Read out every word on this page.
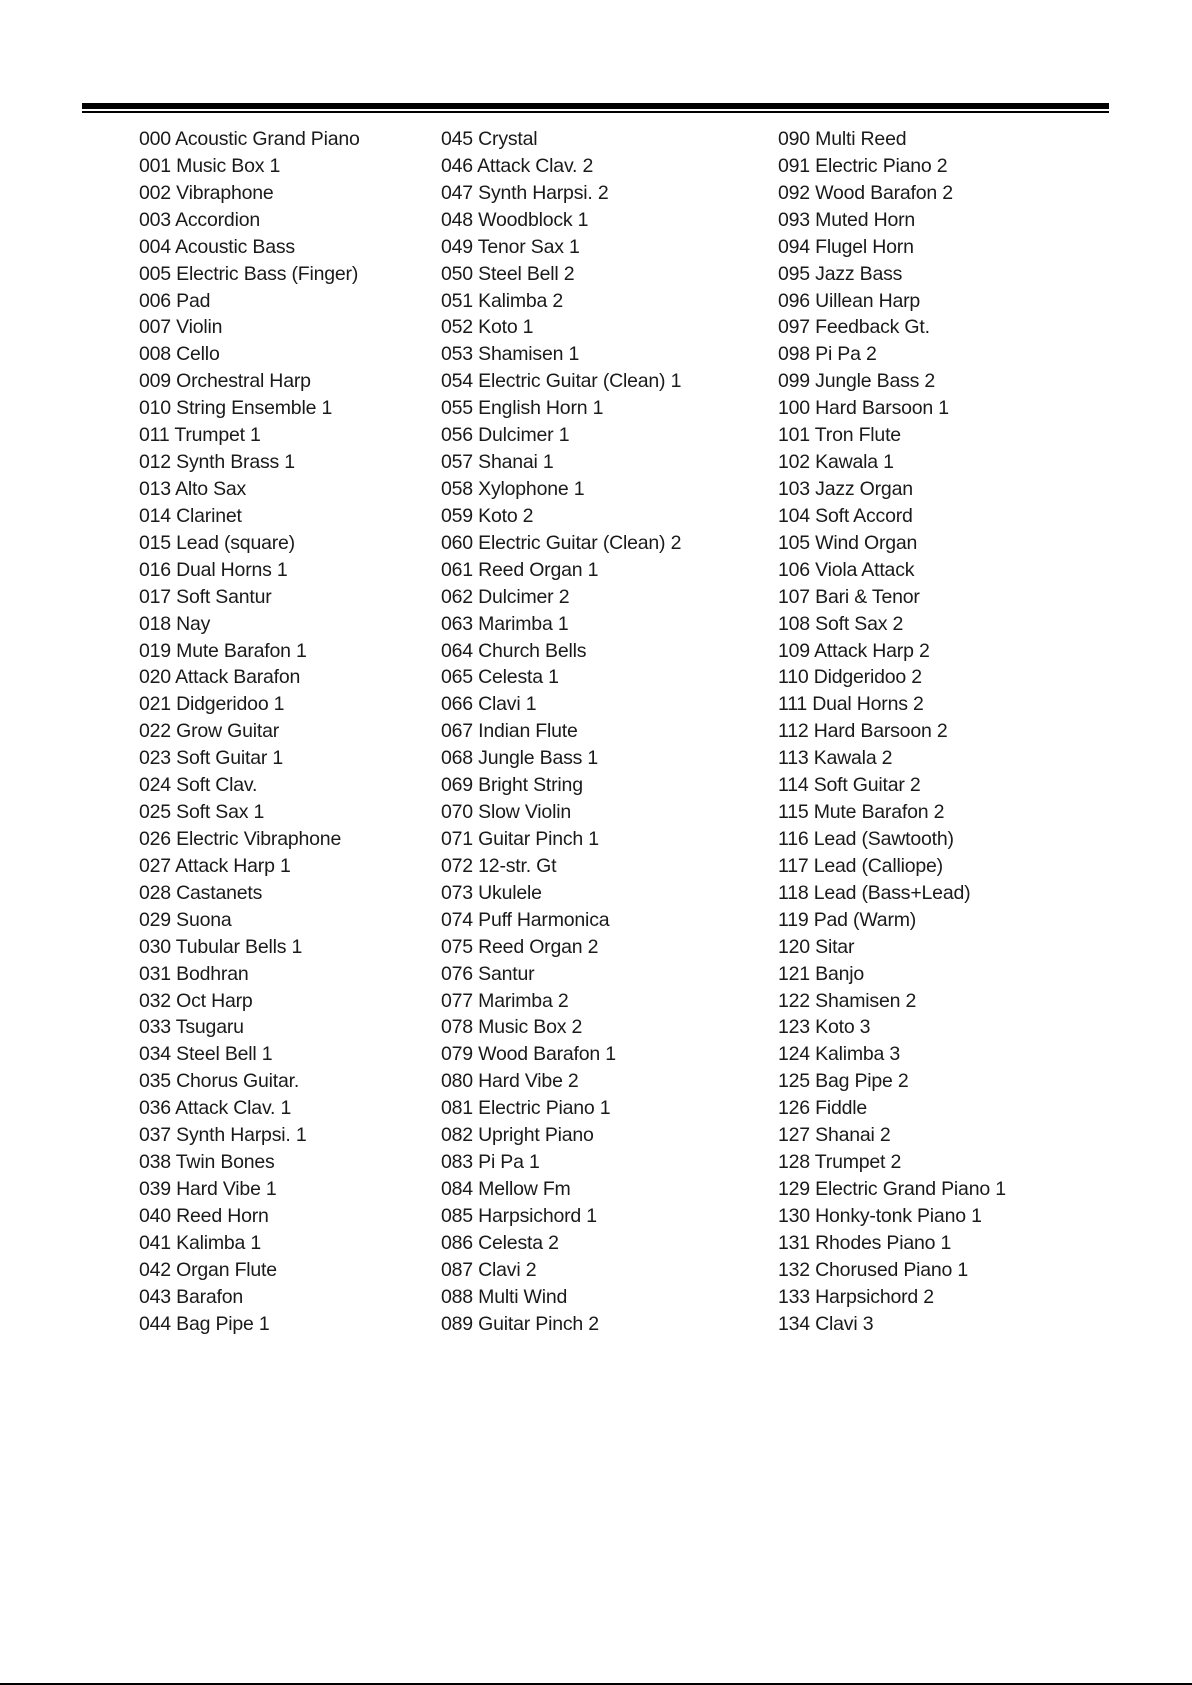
000 Acoustic Grand Piano
001 Music Box 1
002 Vibraphone
003 Accordion
004 Acoustic Bass
005 Electric Bass (Finger)
006 Pad
007 Violin
008 Cello
009 Orchestral Harp
010 String Ensemble 1
011 Trumpet 1
012 Synth Brass 1
013 Alto Sax
014 Clarinet
015 Lead (square)
016 Dual Horns 1
017 Soft Santur
018 Nay
019 Mute Barafon 1
020 Attack Barafon
021 Didgeridoo 1
022 Grow Guitar
023 Soft Guitar 1
024 Soft Clav.
025 Soft Sax 1
026 Electric Vibraphone
027 Attack Harp 1
028 Castanets
029 Suona
030 Tubular Bells 1
031 Bodhran
032 Oct Harp
033 Tsugaru
034 Steel Bell 1
035 Chorus Guitar.
036 Attack Clav. 1
037 Synth Harpsi. 1
038 Twin Bones
039 Hard Vibe 1
040 Reed Horn
041 Kalimba 1
042 Organ Flute
043 Barafon
044 Bag Pipe 1
045 Crystal
046 Attack Clav. 2
047 Synth Harpsi. 2
048 Woodblock 1
049 Tenor Sax 1
050 Steel Bell 2
051 Kalimba 2
052 Koto 1
053 Shamisen 1
054 Electric Guitar (Clean) 1
055 English Horn 1
056 Dulcimer 1
057 Shanai 1
058 Xylophone 1
059 Koto 2
060 Electric Guitar (Clean) 2
061 Reed Organ 1
062 Dulcimer 2
063 Marimba 1
064 Church Bells
065 Celesta 1
066 Clavi 1
067 Indian Flute
068 Jungle Bass 1
069 Bright String
070 Slow Violin
071 Guitar Pinch 1
072 12-str. Gt
073 Ukulele
074 Puff Harmonica
075 Reed Organ 2
076 Santur
077 Marimba 2
078 Music Box 2
079 Wood Barafon 1
080 Hard Vibe 2
081 Electric Piano 1
082 Upright Piano
083 Pi Pa 1
084 Mellow Fm
085 Harpsichord 1
086 Celesta 2
087 Clavi 2
088 Multi Wind
089 Guitar Pinch 2
090 Multi Reed
091 Electric Piano 2
092 Wood Barafon 2
093 Muted Horn
094 Flugel Horn
095 Jazz Bass
096 Uillean Harp
097 Feedback Gt.
098 Pi Pa 2
099 Jungle Bass 2
100 Hard Barsoon 1
101 Tron Flute
102 Kawala 1
103 Jazz Organ
104 Soft Accord
105 Wind Organ
106 Viola Attack
107 Bari & Tenor
108 Soft Sax 2
109 Attack Harp 2
110 Didgeridoo 2
111 Dual Horns 2
112 Hard Barsoon 2
113 Kawala 2
114 Soft Guitar 2
115 Mute Barafon 2
116 Lead (Sawtooth)
117 Lead (Calliope)
118 Lead (Bass+Lead)
119 Pad (Warm)
120 Sitar
121 Banjo
122 Shamisen 2
123 Koto 3
124 Kalimba 3
125 Bag Pipe 2
126 Fiddle
127 Shanai 2
128 Trumpet 2
129 Electric Grand Piano 1
130 Honky-tonk Piano 1
131 Rhodes Piano 1
132 Chorused Piano 1
133 Harpsichord 2
134 Clavi 3
